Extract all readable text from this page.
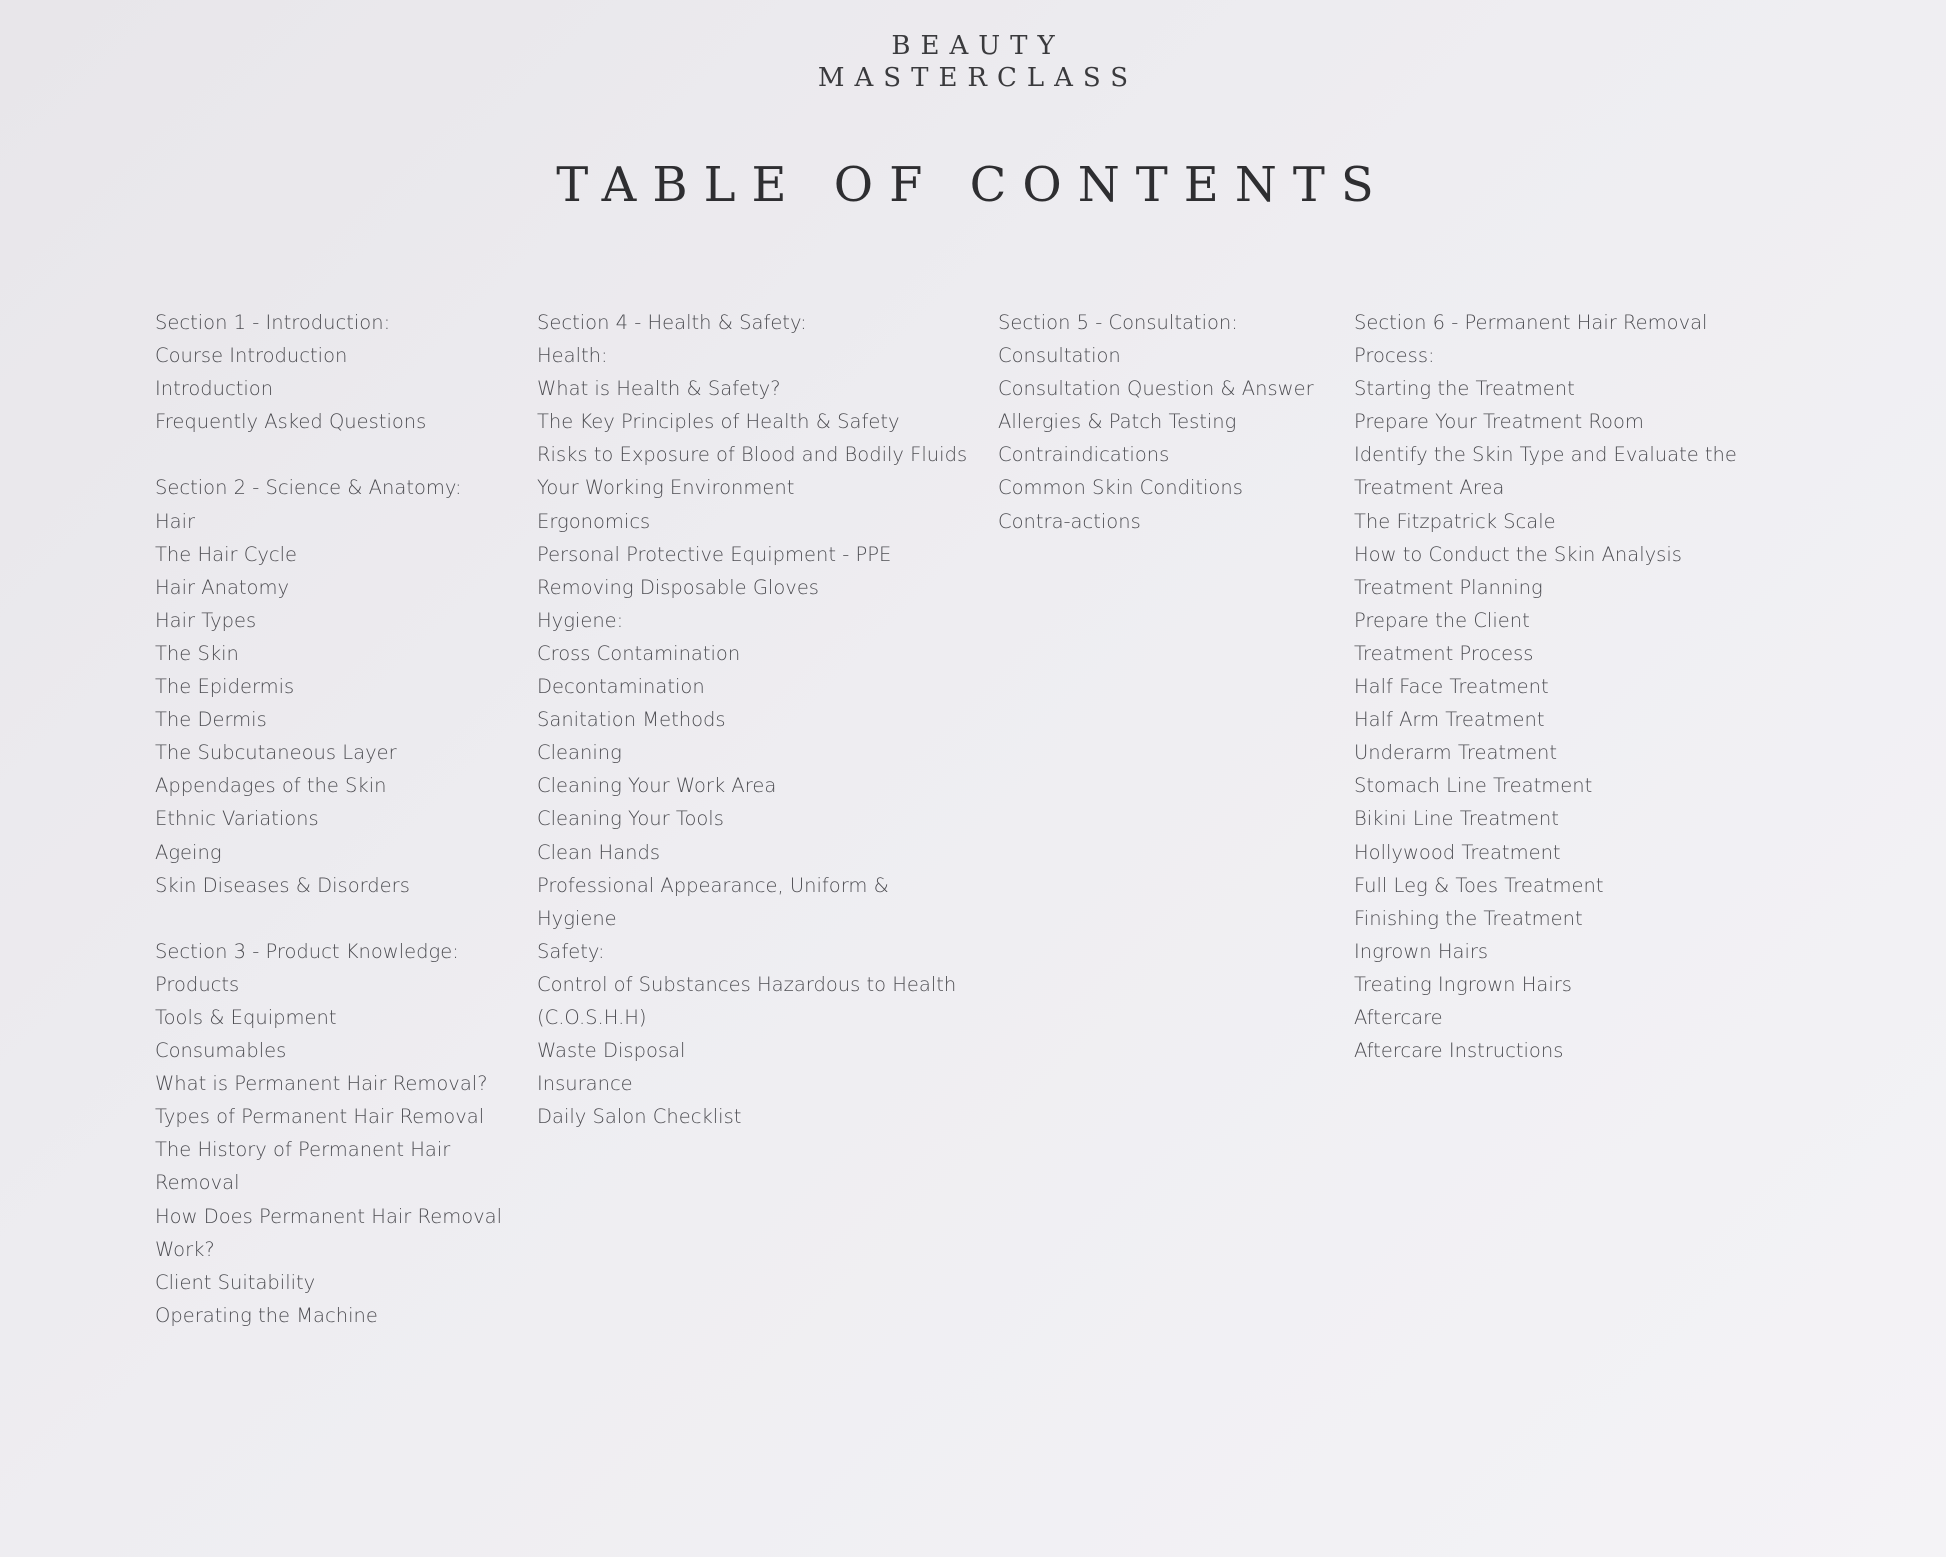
BEAUTY
MASTERCLASS
TABLE OF CONTENTS
Section 1 - Introduction:
Course Introduction
Introduction
Frequently Asked Questions
Section 2 - Science & Anatomy:
Hair
The Hair Cycle
Hair Anatomy
Hair Types
The Skin
The Epidermis
The Dermis
The Subcutaneous Layer
Appendages of the Skin
Ethnic Variations
Ageing
Skin Diseases & Disorders
Section 3 - Product Knowledge:
Products
Tools & Equipment
Consumables
What is Permanent Hair Removal?
Types of Permanent Hair Removal
The History of Permanent Hair
Removal
How Does Permanent Hair Removal
Work?
Client Suitability
Operating the Machine
Section 4 - Health & Safety:
Health:
What is Health & Safety?
The Key Principles of Health & Safety
Risks to Exposure of Blood and Bodily Fluids
Your Working Environment
Ergonomics
Personal Protective Equipment - PPE
Removing Disposable Gloves
Hygiene:
Cross Contamination
Decontamination
Sanitation Methods
Cleaning
Cleaning Your Work Area
Cleaning Your Tools
Clean Hands
Professional Appearance, Uniform &
Hygiene
Safety:
Control of Substances Hazardous to Health
(C.O.S.H.H)
Waste Disposal
Insurance
Daily Salon Checklist
Section 5 - Consultation:
Consultation
Consultation Question & Answer
Allergies & Patch Testing
Contraindications
Common Skin Conditions
Contra-actions
Section 6 - Permanent Hair Removal
Process:
Starting the Treatment
Prepare Your Treatment Room
Identify the Skin Type and Evaluate the
Treatment Area
The Fitzpatrick Scale
How to Conduct the Skin Analysis
Treatment Planning
Prepare the Client
Treatment Process
Half Face Treatment
Half Arm Treatment
Underarm Treatment
Stomach Line Treatment
Bikini Line Treatment
Hollywood Treatment
Full Leg & Toes Treatment
Finishing the Treatment
Ingrown Hairs
Treating Ingrown Hairs
Aftercare
Aftercare Instructions
